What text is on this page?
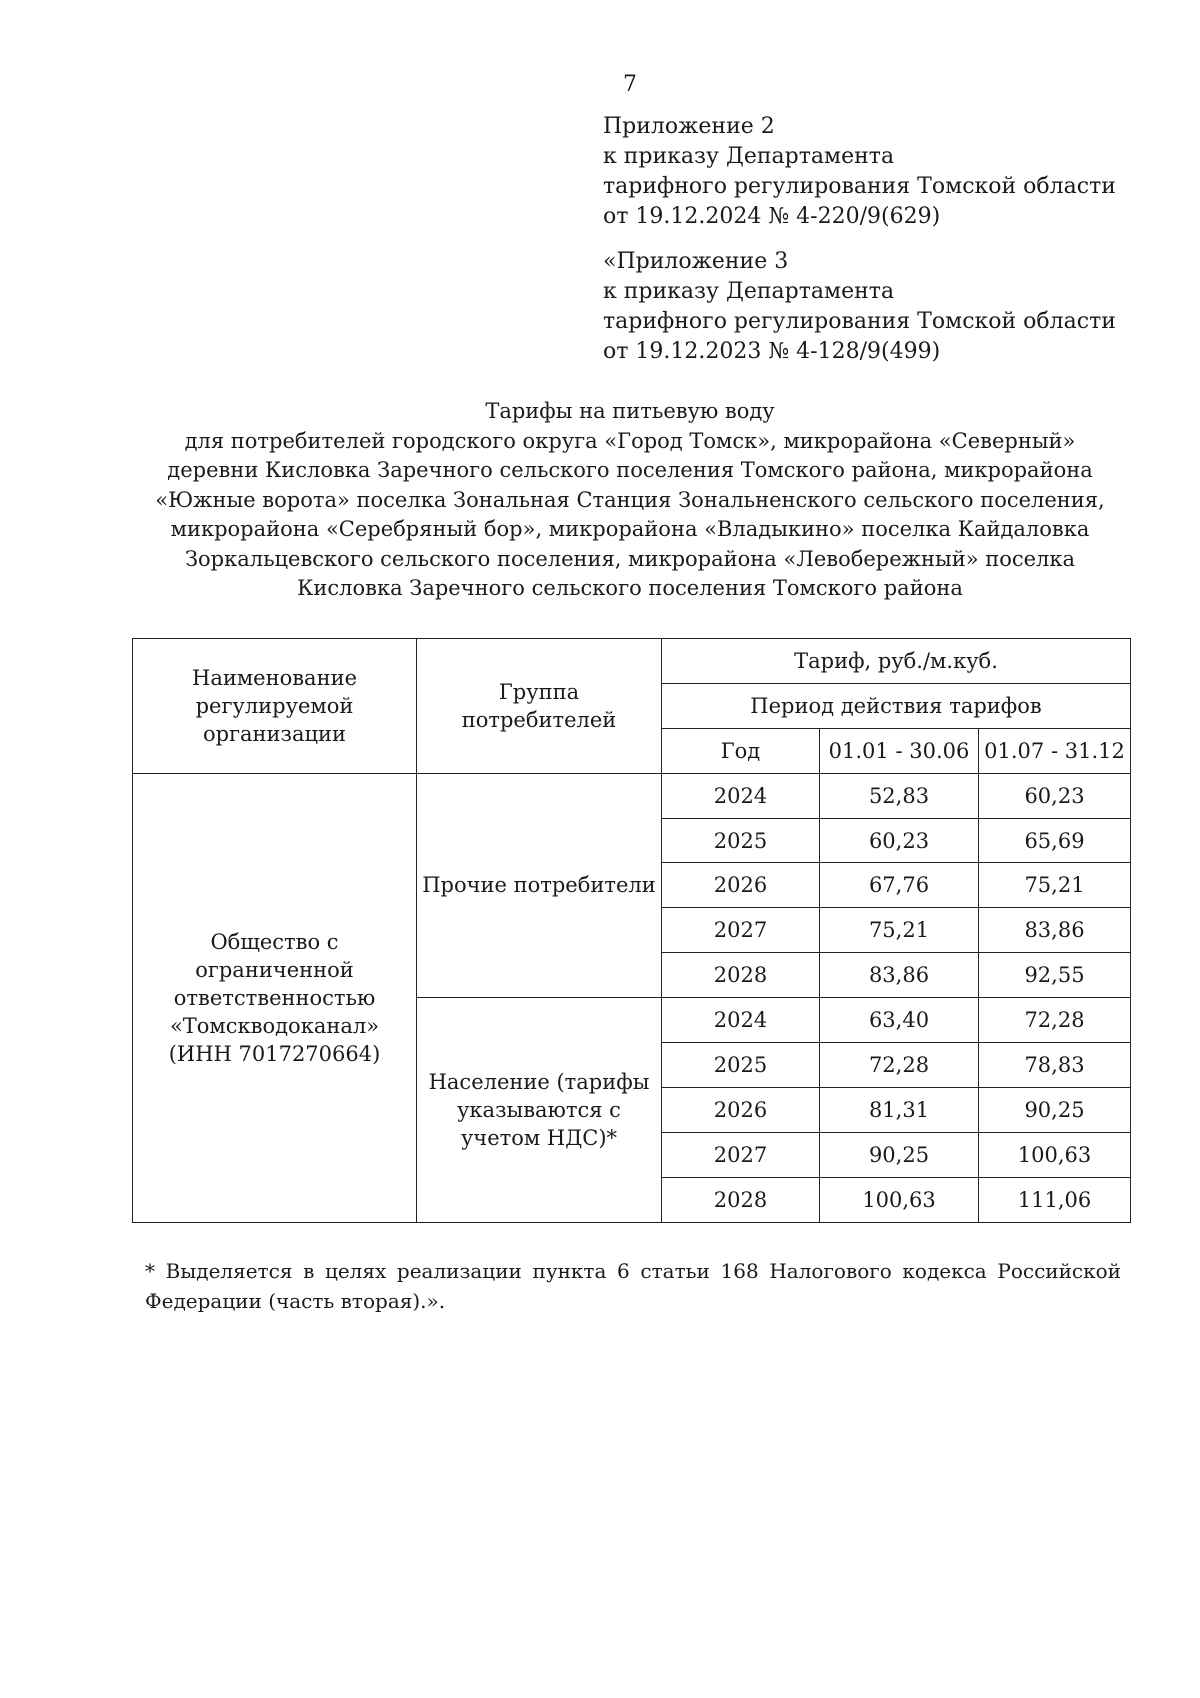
7
Приложение 2
к приказу Департамента
тарифного регулирования Томской области
от 19.12.2024 № 4-220/9(629)
«Приложение 3
к приказу Департамента
тарифного регулирования Томской области
от 19.12.2023 № 4-128/9(499)
Тарифы на питьевую воду
для потребителей городского округа «Город Томск», микрорайона «Северный»
деревни Кисловка Заречного сельского поселения Томского района, микрорайона
«Южные ворота» поселка Зональная Станция Зональненского сельского поселения,
микрорайона «Серебряный бор», микрорайона «Владыкино» поселка Кайдаловка
Зоркальцевского сельского поселения, микрорайона «Левобережный» поселка
Кисловка Заречного сельского поселения Томского района
Наименование регулируемой организации	Группа потребителей	Тариф, руб./м.куб.		
		Период действия тарифов		
		Год	01.01 - 30.06	01.07 - 31.12
Общество с ограниченной ответственностью «Томскводоканал» (ИНН 7017270664)	Прочие потребители	2024	52,83	60,23
		2025	60,23	65,69
		2026	67,76	75,21
		2027	75,21	83,86
		2028	83,86	92,55
	Население (тарифы указываются с учетом НДС)*	2024	63,40	72,28
		2025	72,28	78,83
		2026	81,31	90,25
		2027	90,25	100,63
		2028	100,63	111,06
* Выделяется в целях реализации пункта 6 статьи 168 Налогового кодекса Российской
Федерации (часть вторая).».
